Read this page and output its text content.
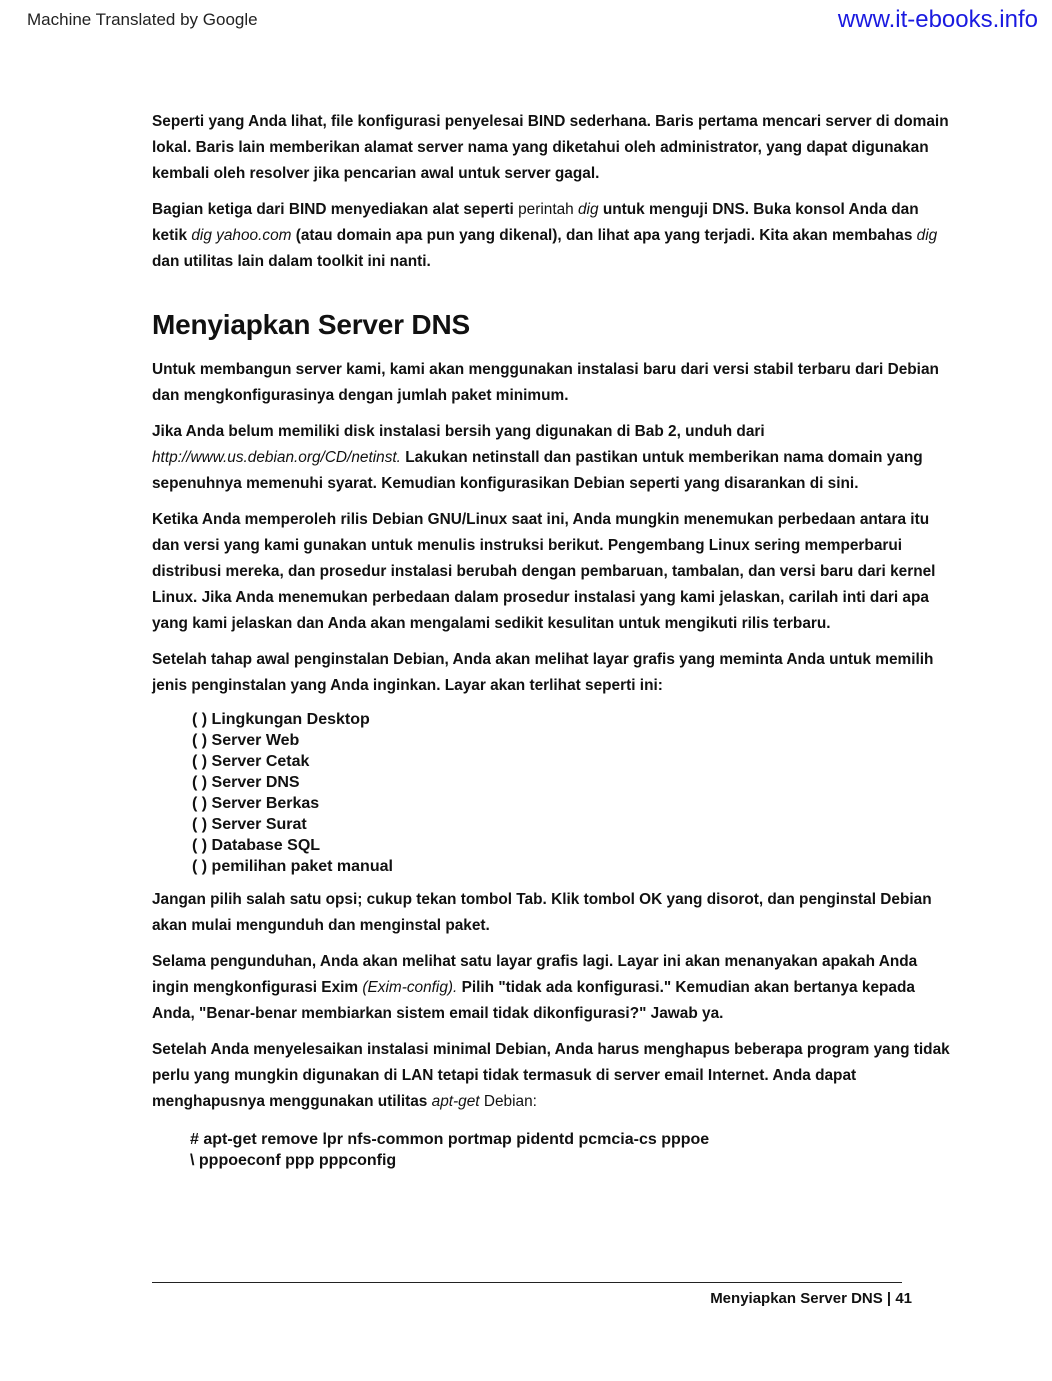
Machine Translated by Google	www.it-ebooks.info

Seperti yang Anda lihat, file konfigurasi penyelesai BIND sederhana. Baris pertama mencari server di domain lokal. Baris lain memberikan alamat server nama yang diketahui oleh administrator, yang dapat digunakan kembali oleh resolver jika pencarian awal untuk server gagal.

Bagian ketiga dari BIND menyediakan alat seperti perintah dig untuk menguji DNS. Buka konsol Anda dan ketik dig yahoo.com (atau domain apa pun yang dikenal), dan lihat apa yang terjadi. Kita akan membahas dig dan utilitas lain dalam toolkit ini nanti.

Menyiapkan Server DNS

Untuk membangun server kami, kami akan menggunakan instalasi baru dari versi stabil terbaru dari Debian dan mengkonfigurasinya dengan jumlah paket minimum.

Jika Anda belum memiliki disk instalasi bersih yang digunakan di Bab 2, unduh dari http://www.us.debian.org/CD/netinst. Lakukan netinstall dan pastikan untuk memberikan nama domain yang sepenuhnya memenuhi syarat. Kemudian konfigurasikan Debian seperti yang disarankan di sini.

Ketika Anda memperoleh rilis Debian GNU/Linux saat ini, Anda mungkin menemukan perbedaan antara itu dan versi yang kami gunakan untuk menulis instruksi berikut. Pengembang Linux sering memperbarui distribusi mereka, dan prosedur instalasi berubah dengan pembaruan, tambalan, dan versi baru dari kernel Linux. Jika Anda menemukan perbedaan dalam prosedur instalasi yang kami jelaskan, carilah inti dari apa yang kami jelaskan dan Anda akan mengalami sedikit kesulitan untuk mengikuti rilis terbaru.

Setelah tahap awal penginstalan Debian, Anda akan melihat layar grafis yang meminta Anda untuk memilih jenis penginstalan yang Anda inginkan. Layar akan terlihat seperti ini:

( ) Lingkungan Desktop
( ) Server Web
( ) Server Cetak
( ) Server DNS
( ) Server Berkas
( ) Server Surat
( ) Database SQL
( ) pemilihan paket manual

Jangan pilih salah satu opsi; cukup tekan tombol Tab. Klik tombol OK yang disorot, dan penginstal Debian akan mulai mengunduh dan menginstal paket.

Selama pengunduhan, Anda akan melihat satu layar grafis lagi. Layar ini akan menanyakan apakah Anda ingin mengkonfigurasi Exim (Exim-config). Pilih "tidak ada konfigurasi." Kemudian akan bertanya kepada Anda, "Benar-benar membiarkan sistem email tidak dikonfigurasi?" Jawab ya.

Setelah Anda menyelesaikan instalasi minimal Debian, Anda harus menghapus beberapa program yang tidak perlu yang mungkin digunakan di LAN tetapi tidak termasuk di server email Internet. Anda dapat menghapusnya menggunakan utilitas apt-get Debian:

# apt-get remove lpr nfs-common portmap pidentd pcmcia-cs pppoe
\ pppoeconf ppp pppconfig
Menyiapkan Server DNS | 41
